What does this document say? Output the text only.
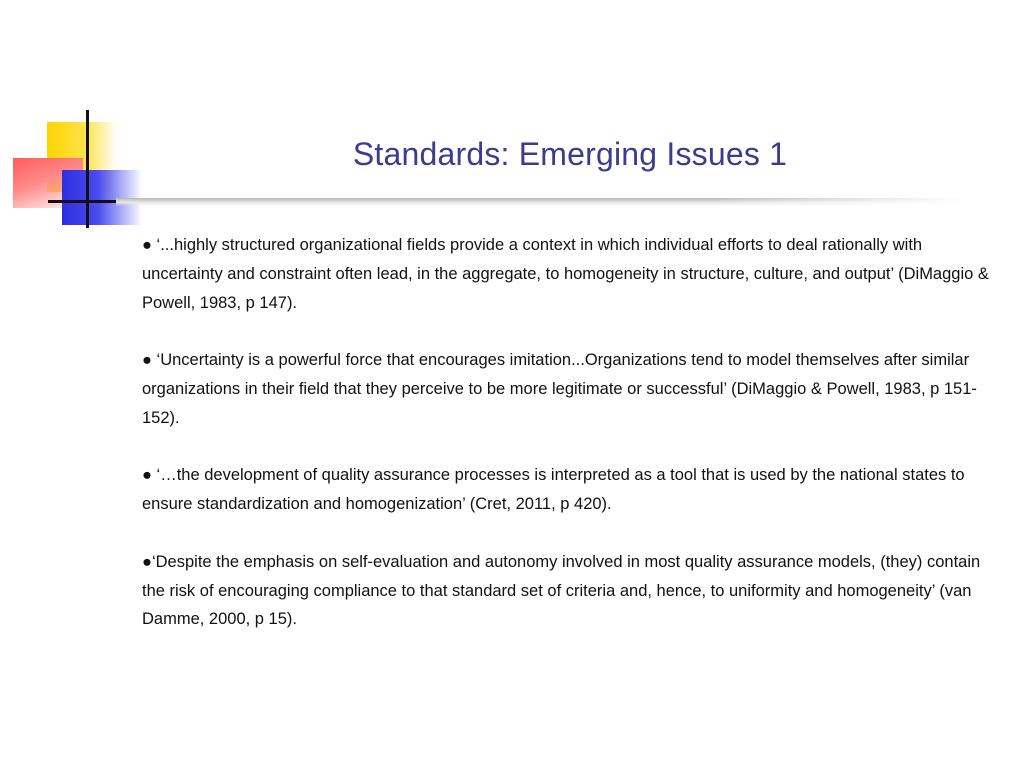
Standards: Emerging Issues 1

● ‘...highly structured organizational fields provide a context in which individual efforts to deal rationally with uncertainty and constraint often lead, in the aggregate, to homogeneity in structure, culture, and output’ (DiMaggio & Powell, 1983, p 147).

● ‘Uncertainty is a powerful force that encourages imitation...Organizations tend to model themselves after similar organizations in their field that they perceive to be more legitimate or successful’ (DiMaggio & Powell, 1983, p 151-152).

● ‘…the development of quality assurance processes is interpreted as a tool that is used by the national states to ensure standardization and homogenization’ (Cret, 2011, p 420).

●‘Despite the emphasis on self-evaluation and autonomy involved in most quality assurance models, (they) contain the risk of encouraging compliance to that standard set of criteria and, hence, to uniformity and homogeneity’ (van Damme, 2000, p 15).
